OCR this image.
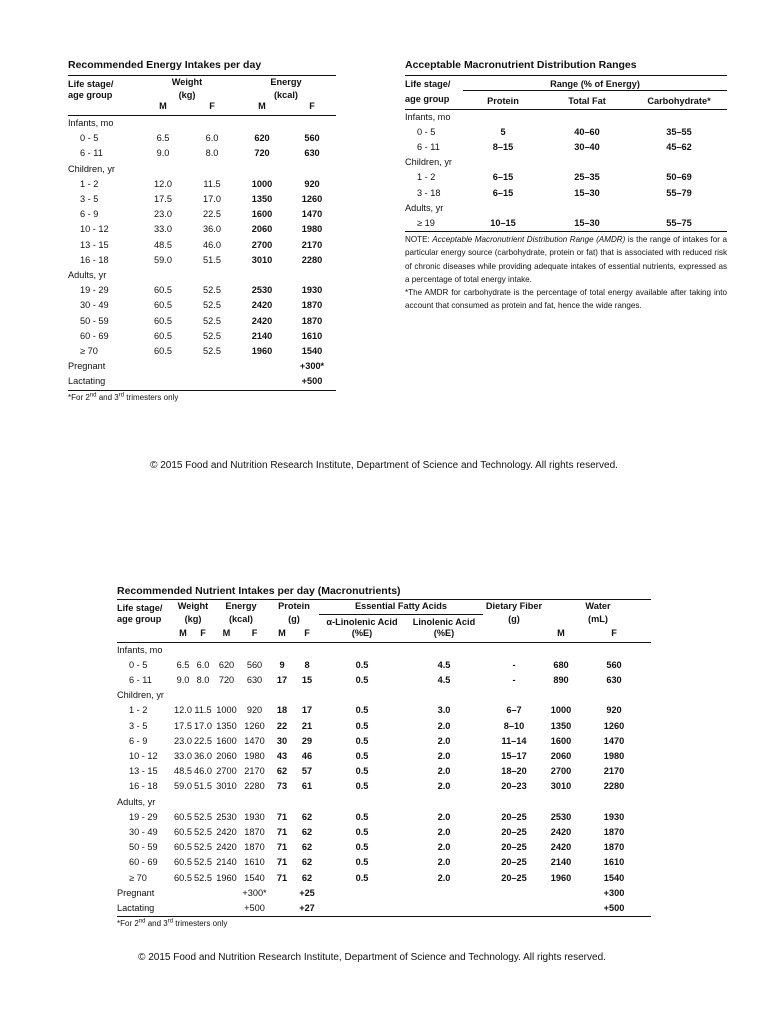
Recommended Energy Intakes per day
Life stage/	Weight		Energy	
age group	(kg)		(kcal)	
	M	F	M	F
Infants, mo				
0 - 5	6.5	6.0	620	560
6 - 11	9.0	8.0	720	630
Children, yr				
1 - 2	12.0	11.5	1000	920
3 - 5	17.5	17.0	1350	1260
6 - 9	23.0	22.5	1600	1470
10 - 12	33.0	36.0	2060	1980
13 - 15	48.5	46.0	2700	2170
16 - 18	59.0	51.5	3010	2280
Adults, yr				
19 - 29	60.5	52.5	2530	1930
30 - 49	60.5	52.5	2420	1870
50 - 59	60.5	52.5	2420	1870
60 - 69	60.5	52.5	2140	1610
≥ 70	60.5	52.5	1960	1540
Pregnant				+300*
Lactating				+500
*For 2nd and 3rd trimesters only
Acceptable Macronutrient Distribution Ranges
Life stage/	Range (% of Energy)		
age group	Protein	Total Fat	Carbohydrate*
Infants, mo			
0 - 5	5	40–60	35–55
6 - 11	8–15	30–40	45–62
Children, yr			
1 - 2	6–15	25–35	50–69
3 - 18	6–15	15–30	55–79
Adults, yr			
≥ 19	10–15	15–30	55–75

NOTE: Acceptable Macronutrient Distribution Range (AMDR) is the range of intakes for a particular energy source (carbohydrate, protein or fat) that is associated with reduced risk of chronic diseases while providing adequate intakes of essential nutrients, expressed as a percentage of total energy intake.

*The AMDR for carbohydrate is the percentage of total energy available after taking into account that consumed as protein and fat, hence the wide ranges.

© 2015 Food and Nutrition Research Institute, Department of Science and Technology. All rights reserved.
Recommended Nutrient Intakes per day (Macronutrients)
Life stage/	Weight		Energy		Protein		Essential Fatty Acids		Dietary Fiber	Water	
age group	(kg)		(kcal)		(g)		α-Linolenic Acid	Linolenic Acid	(g)	(mL)	
	M	F	M	F	M	F	(%E)	(%E)		M	F
Infants, mo											
0 - 5	6.5	6.0	620	560	9	8	0.5	4.5	-	680	560
6 - 11	9.0	8.0	720	630	17	15	0.5	4.5	-	890	630
Children, yr											
1 - 2	12.0	11.5	1000	920	18	17	0.5	3.0	6–7	1000	920
3 - 5	17.5	17.0	1350	1260	22	21	0.5	2.0	8–10	1350	1260
6 - 9	23.0	22.5	1600	1470	30	29	0.5	2.0	11–14	1600	1470
10 - 12	33.0	36.0	2060	1980	43	46	0.5	2.0	15–17	2060	1980
13 - 15	48.5	46.0	2700	2170	62	57	0.5	2.0	18–20	2700	2170
16 - 18	59.0	51.5	3010	2280	73	61	0.5	2.0	20–23	3010	2280
Adults, yr											
19 - 29	60.5	52.5	2530	1930	71	62	0.5	2.0	20–25	2530	1930
30 - 49	60.5	52.5	2420	1870	71	62	0.5	2.0	20–25	2420	1870
50 - 59	60.5	52.5	2420	1870	71	62	0.5	2.0	20–25	2420	1870
60 - 69	60.5	52.5	2140	1610	71	62	0.5	2.0	20–25	2140	1610
≥ 70	60.5	52.5	1960	1540	71	62	0.5	2.0	20–25	1960	1540
Pregnant				+300*		+25					+300
Lactating				+500		+27					+500
*For 2nd and 3rd trimesters only
© 2015 Food and Nutrition Research Institute, Department of Science and Technology. All rights reserved.
